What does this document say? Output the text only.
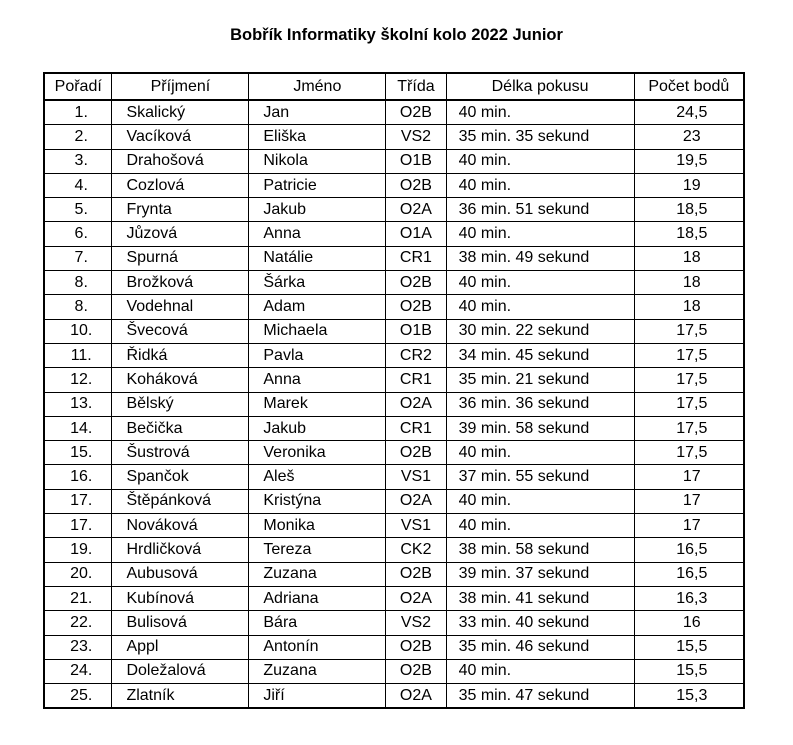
Bobřík Informatiky školní kolo 2022 Junior
Pořadí	Příjmení	Jméno	Třída	Délka pokusu	Počet bodů
1.	Skalický	Jan	O2B	40 min.	24,5
2.	Vacíková	Eliška	VS2	35 min. 35 sekund	23
3.	Drahošová	Nikola	O1B	40 min.	19,5
4.	Cozlová	Patricie	O2B	40 min.	19
5.	Frynta	Jakub	O2A	36 min. 51 sekund	18,5
6.	Jůzová	Anna	O1A	40 min.	18,5
7.	Spurná	Natálie	CR1	38 min. 49 sekund	18
8.	Brožková	Šárka	O2B	40 min.	18
8.	Vodehnal	Adam	O2B	40 min.	18
10.	Švecová	Michaela	O1B	30 min. 22 sekund	17,5
11.	Řidká	Pavla	CR2	34 min. 45 sekund	17,5
12.	Koháková	Anna	CR1	35 min. 21 sekund	17,5
13.	Bělský	Marek	O2A	36 min. 36 sekund	17,5
14.	Bečička	Jakub	CR1	39 min. 58 sekund	17,5
15.	Šustrová	Veronika	O2B	40 min.	17,5
16.	Spančok	Aleš	VS1	37 min. 55 sekund	17
17.	Štěpánková	Kristýna	O2A	40 min.	17
17.	Nováková	Monika	VS1	40 min.	17
19.	Hrdličková	Tereza	CK2	38 min. 58 sekund	16,5
20.	Aubusová	Zuzana	O2B	39 min. 37 sekund	16,5
21.	Kubínová	Adriana	O2A	38 min. 41 sekund	16,3
22.	Bulisová	Bára	VS2	33 min. 40 sekund	16
23.	Appl	Antonín	O2B	35 min. 46 sekund	15,5
24.	Doležalová	Zuzana	O2B	40 min.	15,5
25.	Zlatník	Jiří	O2A	35 min. 47 sekund	15,3
